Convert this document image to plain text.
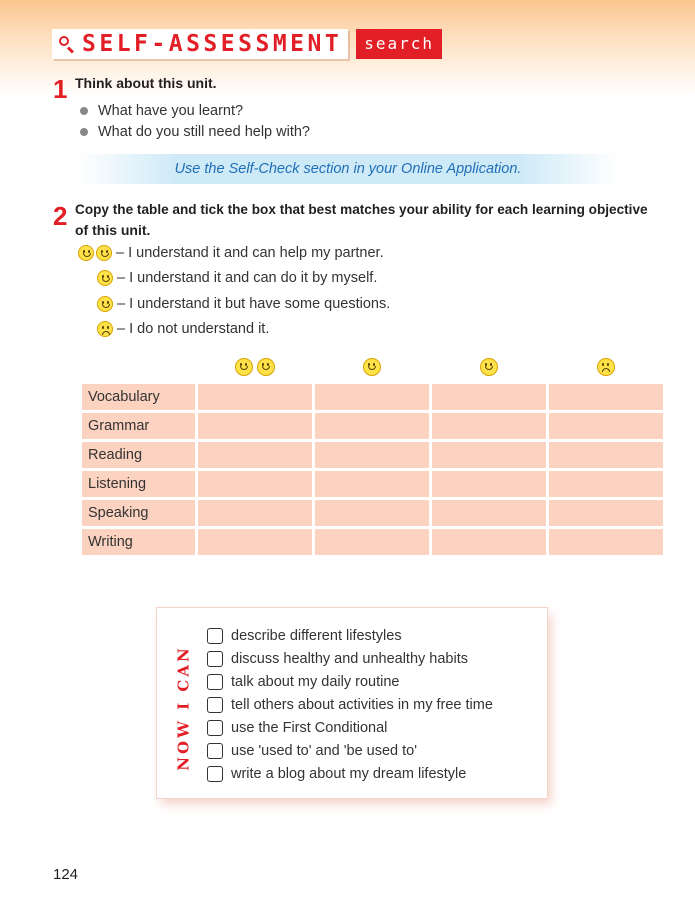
SELF-ASSESSMENT	search
1 Think about this unit.
What have you learnt?
What do you still need help with?
Use the Self-Check section in your Online Application.
2 Copy the table and tick the box that best matches your ability for each learning objective
of this unit.
– I understand it and can help my partner.
– I understand it and can do it by myself.
– I understand it but have some questions.
– I do not understand it.

Vocabulary				
Grammar				
Reading				
Listening				
Speaking				
Writing				
NOW I CAN
describe different lifestyles
discuss healthy and unhealthy habits
talk about my daily routine
tell others about activities in my free time
use the First Conditional
use 'used to' and 'be used to'
write a blog about my dream lifestyle
124
